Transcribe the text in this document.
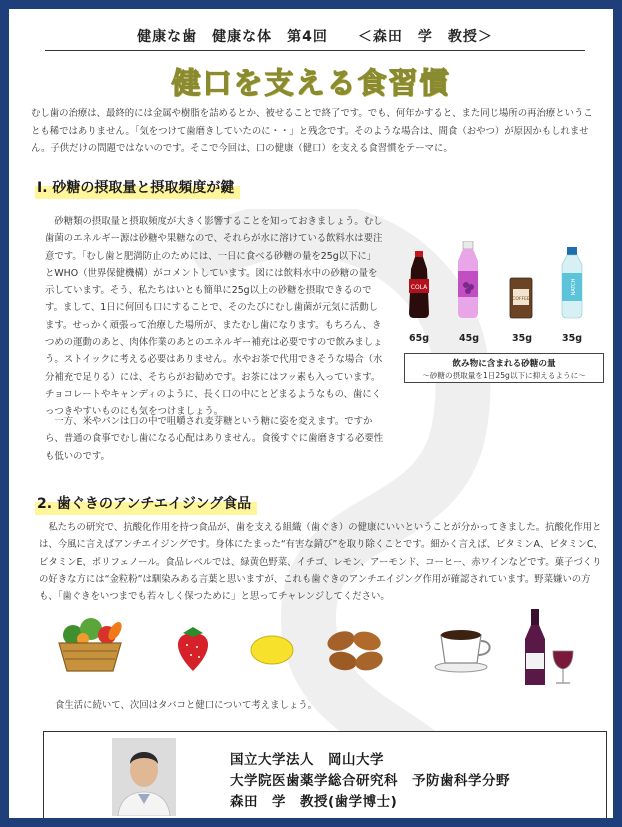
健康な歯　健康な体　第4回　　＜森田　学　教授＞
健口を支える食習慣

むし歯の治療は、最終的には金属や樹脂を詰めるとか、被せることで終了です。でも、何年かすると、また同じ場所の再治療ということも稀ではありません。「気をつけて歯磨きしていたのに・・」と残念です。そのような場合は、間食（おやつ）が原因かもしれません。子供だけの問題ではないのです。そこで今回は、口の健康（健口）を支える食習慣をテーマに。

Ⅰ. 砂糖の摂取量と摂取頻度が鍵

　砂糖類の摂取量と摂取頻度が大きく影響することを知っておきましょう。むし歯菌のエネルギー源は砂糖や果糖なので、それらが水に溶けている飲料水は要注意です。「むし歯と肥満防止のためには、一日に食べる砂糖の量を25g以下に」とWHO（世界保健機構）がコメントしています。図には飲料水中の砂糖の量を示しています。そう、私たちはいとも簡単に25g以上の砂糖を摂取できるのです。まして、1日に何回も口にすることで、そのたびにむし歯菌が元気に活動します。せっかく頑張って治療した場所が、またむし歯になります。もちろん、きつめの運動のあと、肉体作業のあとのエネルギー補充は必要ですので飲みましょう。ストイックに考える必要はありません。水やお茶で代用できそうな場合（水分補充で足りる）には、そちらがお勧めです。お茶にはフッ素も入っています。チョコレートやキャンディのように、長く口の中にとどまるようなもの、歯にくっつきやすいものにも気をつけましょう。

　一方、米やパンは口の中で咀嚼され麦芽糖という糖に姿を変えます。ですから、普通の食事でむし歯になる心配はありません。食後すぐに歯磨きする必要性も低いのです。

COLA
COFFEE
NATCH
65g	45g	35g	35g
飲み物に含まれる砂糖の量
～砂糖の摂取量を1日25g以下に抑えるように～
2. 歯ぐきのアンチエイジング食品

　私たちの研究で、抗酸化作用を持つ食品が、歯を支える組織（歯ぐき）の健康にいいということが分かってきました。抗酸化作用とは、今風に言えばアンチエイジングです。身体にたまった“有害な錆び”を取り除くことです。細かく言えば、ビタミンA、ビタミンC、ビタミンE、ポリフェノール。食品レベルでは、緑黄色野菜、イチゴ、レモン、アーモンド、コーヒー、赤ワインなどです。菓子づくりの好きな方には“金粒粉”は馴染みある言葉と思いますが、これも歯ぐきのアンチエイジング作用が確認されています。野菜嫌いの方も、「歯ぐきをいつまでも若々しく保つために」と思ってチャレンジしてください。

食生活に続いて、次回はタバコと健口について考えましょう。
国立大学法人　岡山大学
大学院医歯薬学総合研究科　予防歯科学分野
森田　学　教授(歯学博士)
